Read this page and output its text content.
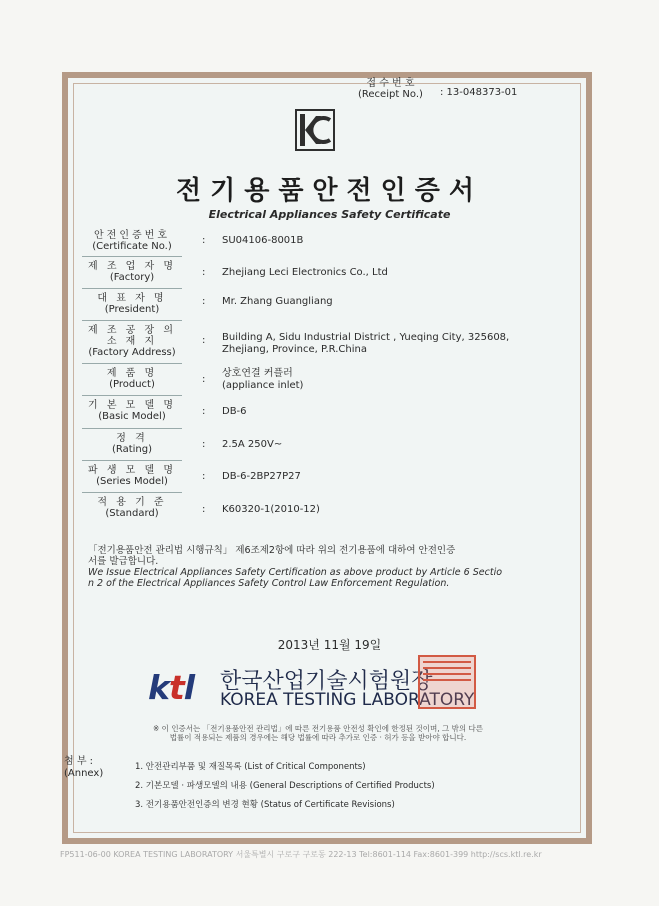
접 수 번 호
(Receipt No.) : 13-048373-01
전기용품안전인증서
Electrical Appliances Safety Certificate
안전인증번호
(Certificate No.)
: SU04106-8001B
제 조 업 자 명
(Factory)	: Zhejiang Leci Electronics Co., Ltd
대 표 자 명
(President)
: Mr. Zhang Guangliang
제 조 공 장 의
소 재 지
(Factory Address)
: Building A, Sidu Industrial District , Yueqing City, 325608,
Zhejiang, Province, P.R.China
제 품 명
(Product)	:
상호연결 커플러
(appliance inlet)
기 본 모 델 명
(Basic Model)	: DB-6
정 격
(Rating)	: 2.5A 250V~
파 생 모 델 명
(Series Model)	: DB-6-2BP27P27
적 용 기 준
(Standard)	: K60320-1(2010-12)
「전기용품안전 관리법 시행규칙」 제6조제2항에 따라 위의 전기용품에 대하여 안전인증
서를 발급합니다.
We Issue Electrical Appliances Safety Certification as above product by Article 6 Sectio
n 2 of the Electrical Appliances Safety Control Law Enforcement Regulation.
2013년 11월 19일
ktl 한국산업기술시험원장
KOREA TESTING LABORATORY
※ 이 인증서는 「전기용품안전 관리법」에 따른 전기용품 안전성 확인에 한정된 것이며, 그 밖의 다른
법률이 적용되는 제품의 경우에는 해당 법률에 따라 추가로 인증 · 허가 등을 받아야 합니다.
첨 부 :
(Annex)
1. 안전관리부품 및 재질목록 (List of Critical Components)
2. 기본모델 · 파생모델의 내용 (General Descriptions of Certified Products)
3. 전기용품안전인증의 변경 현황 (Status of Certificate Revisions)
FP511-06-00 KOREA TESTING LABORATORY 서울특별시 구로구 구로동 222-13 Tel:8601-114 Fax:8601-399 http://scs.ktl.re.kr
